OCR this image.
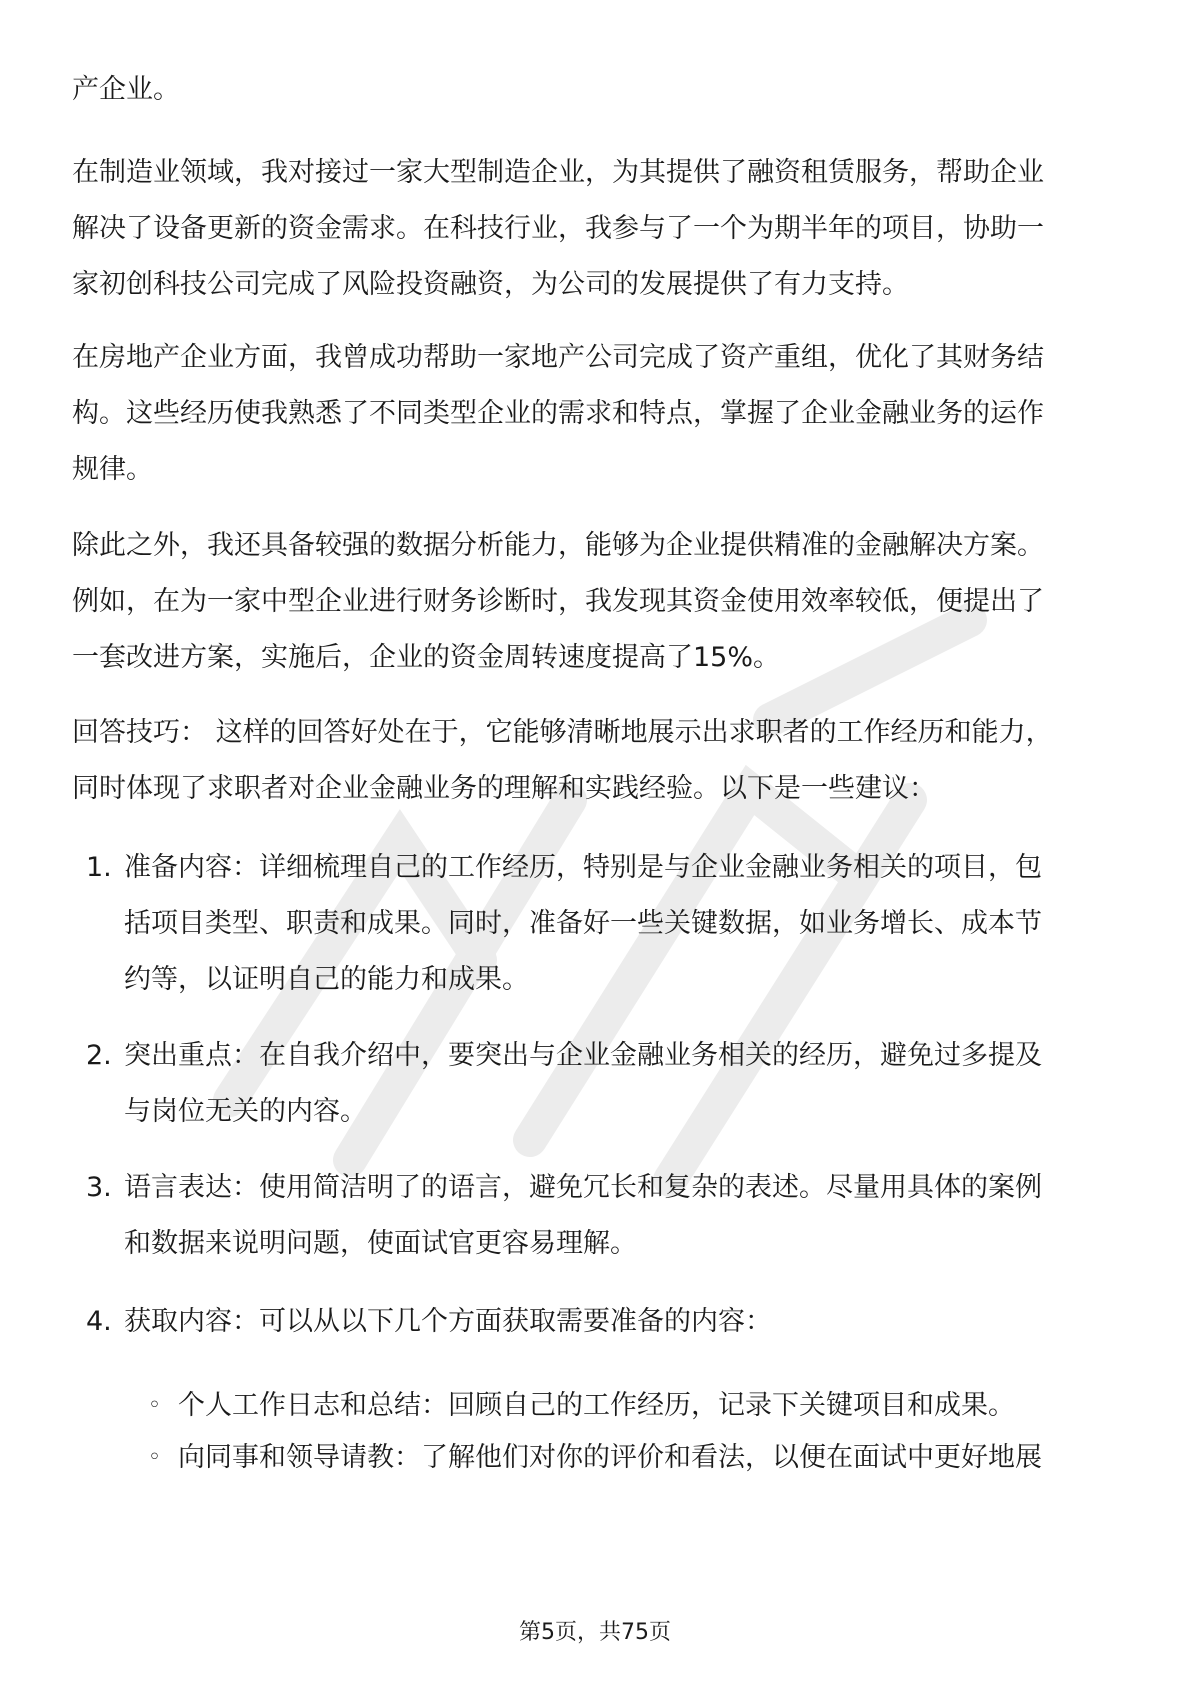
产企业。
在制造业领域，我对接过一家大型制造企业，为其提供了融资租赁服务，帮助企业
解决了设备更新的资金需求。在科技行业，我参与了一个为期半年的项目，协助一
家初创科技公司完成了风险投资融资，为公司的发展提供了有力支持。
在房地产企业方面，我曾成功帮助一家地产公司完成了资产重组，优化了其财务结
构。这些经历使我熟悉了不同类型企业的需求和特点，掌握了企业金融业务的运作
规律。
除此之外，我还具备较强的数据分析能力，能够为企业提供精准的金融解决方案。
例如，在为一家中型企业进行财务诊断时，我发现其资金使用效率较低，便提出了
一套改进方案，实施后，企业的资金周转速度提高了15%。
回答技巧： 这样的回答好处在于，它能够清晰地展示出求职者的工作经历和能力，
同时体现了求职者对企业金融业务的理解和实践经验。以下是一些建议：
1. 准备内容：详细梳理自己的工作经历，特别是与企业金融业务相关的项目，包
括项目类型、职责和成果。同时，准备好一些关键数据，如业务增长、成本节
约等，以证明自己的能力和成果。
2. 突出重点：在自我介绍中，要突出与企业金融业务相关的经历，避免过多提及
与岗位无关的内容。
3. 语言表达：使用简洁明了的语言，避免冗长和复杂的表述。尽量用具体的案例
和数据来说明问题，使面试官更容易理解。
4. 获取内容：可以从以下几个方面获取需要准备的内容：
◦ 个人工作日志和总结：回顾自己的工作经历，记录下关键项目和成果。
◦ 向同事和领导请教：了解他们对你的评价和看法，以便在面试中更好地展
第5页，共75页
